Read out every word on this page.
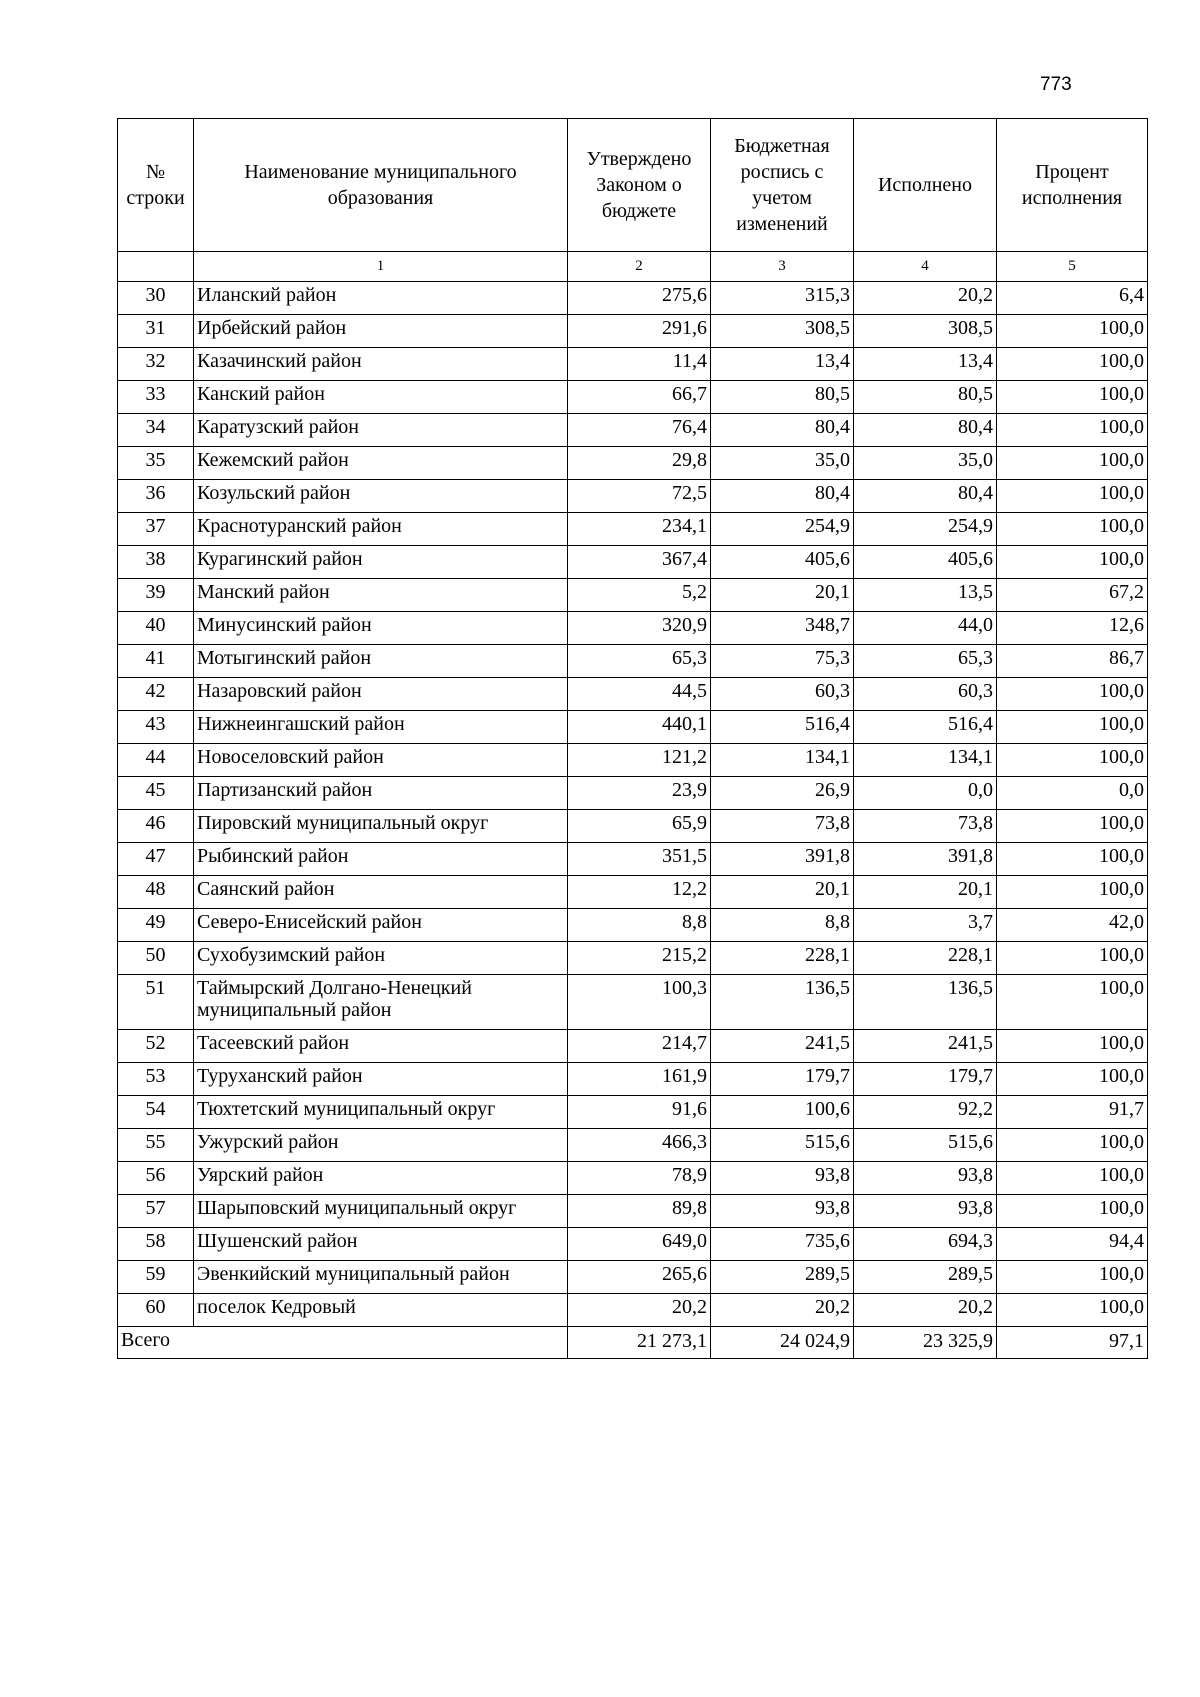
773
№ строки	Наименование муниципального образования	Утверждено Законом о бюджете	Бюджетная роспись с учетом изменений	Исполнено	Процент исполнения
	1	2	3	4	5
30	Иланский район	275,6	315,3	20,2	6,4
31	Ирбейский район	291,6	308,5	308,5	100,0
32	Казачинский район	11,4	13,4	13,4	100,0
33	Канский район	66,7	80,5	80,5	100,0
34	Каратузский район	76,4	80,4	80,4	100,0
35	Кежемский район	29,8	35,0	35,0	100,0
36	Козульский район	72,5	80,4	80,4	100,0
37	Краснотуранский район	234,1	254,9	254,9	100,0
38	Курагинский район	367,4	405,6	405,6	100,0
39	Манский район	5,2	20,1	13,5	67,2
40	Минусинский район	320,9	348,7	44,0	12,6
41	Мотыгинский район	65,3	75,3	65,3	86,7
42	Назаровский район	44,5	60,3	60,3	100,0
43	Нижнеингашский район	440,1	516,4	516,4	100,0
44	Новоселовский район	121,2	134,1	134,1	100,0
45	Партизанский район	23,9	26,9	0,0	0,0
46	Пировский муниципальный округ	65,9	73,8	73,8	100,0
47	Рыбинский район	351,5	391,8	391,8	100,0
48	Саянский район	12,2	20,1	20,1	100,0
49	Северо-Енисейский район	8,8	8,8	3,7	42,0
50	Сухобузимский район	215,2	228,1	228,1	100,0
51	Таймырский Долгано-Ненецкий муниципальный район	100,3	136,5	136,5	100,0
52	Тасеевский район	214,7	241,5	241,5	100,0
53	Туруханский район	161,9	179,7	179,7	100,0
54	Тюхтетский муниципальный округ	91,6	100,6	92,2	91,7
55	Ужурский район	466,3	515,6	515,6	100,0
56	Уярский район	78,9	93,8	93,8	100,0
57	Шарыповский муниципальный округ	89,8	93,8	93,8	100,0
58	Шушенский район	649,0	735,6	694,3	94,4
59	Эвенкийский муниципальный район	265,6	289,5	289,5	100,0
60	поселок Кедровый	20,2	20,2	20,2	100,0
Всего		21 273,1	24 024,9	23 325,9	97,1
